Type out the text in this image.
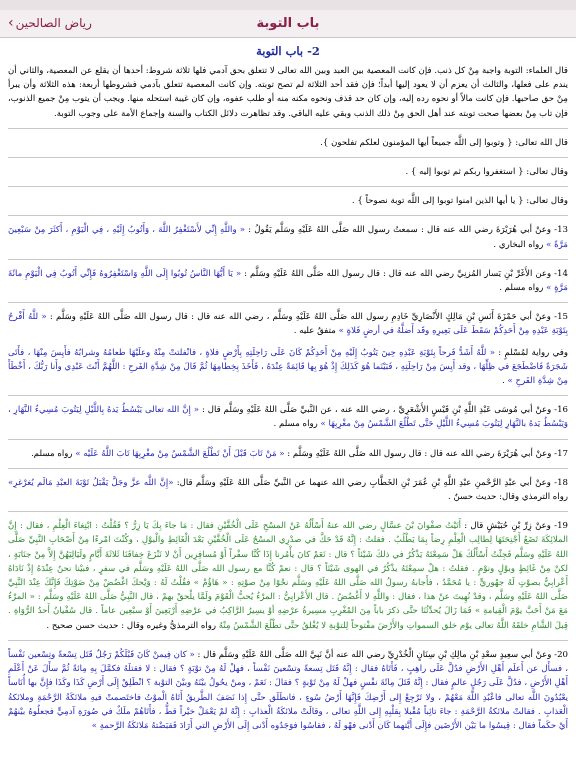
‹ رياض الصالحين	باب التوبة
2- باب التوبة
قال العلماء: التوبة واجبة مِنْ كل ذنب. فإن كانت المعصية بين العبد وبين الله تعالى لا تتعلق بحق آدمي فلها ثلاثة شروط: أحدها أن يقلع عن المعصية، والثاني أن يندم على فعلها، والثالث أن يعزم أن لا يعود إليها أبداً؛ فإن فقد أحد الثلاثة لم تصح توبته. وإن كانت المعصية تتعلق بآدمي فشروطها أربعة: هذه الثلاثة وأن يبرأ مِنْ حق صاحبها. فإن كانت مالاً أو نحوه رده إليه، وإن كان حد قذف ونحوه مكنه منه أو طلب عفوه، وإن كان غيبة استحله منها. ويجب أن يتوب مِنْ جميع الذنوب، فإن تاب مِنْ بعضها صحت توبته عند أهل الحق مِنْ ذلك الذنب وبقي عليه الباقي. وقد تظاهرت دلائل الكتاب والسنة وإجماع الأمة على وجوب التوبة.
قال الله تعالى: { وتوبوا إلى اللَّه جميعاً أيها المؤمنون لعلكم تفلحون }.
وقال تعالى: { استغفروا ربكم ثم توبوا إليه } .
وقال تعالى: { يا أيها الذين امنوا توبوا إلى اللَّه توبة نصوحاً } .
13- وعنْ أبي هُرَيْرَةَ رضي الله عنه قال : سمعتُ رسول الله صَلَّى اللهُ عَلَيْهِ وسَلَّم يَقُولُ : « واللَّهِ إِنِّي لأَسْتَغْفِرُ اللَّهَ ، وَأَتُوبُ إِلَيْهِ ، فِي الْيَوْمِ ، أَكثَرَ مِنْ سَبْعِينَ مَرَّةً » رواه البخاري .
14- وعن الأَغَرِّ بْنِ يَسار المُزنِيِّ رضي الله عنه قال : قال رسول الله صَلَّى اللهُ عَلَيْهِ وسَلَّم : « يَا أَيُّهَا النَّاسُ تُوبُوا إِلَى اللَّهِ وَاسْتَغْفِرُوهُ فَإِنِّي أَتُوبُ فِي الْيَوْمِ مائَةَ مَرَّةٍ » رواه مسلم .
15- وعنْ أبي حَمْزَةَ أَنَسِ بْنِ مَالِكٍ الأَنْصَارِيِّ خَادِمِ رسول الله صَلَّى اللهُ عَلَيْهِ وسَلَّم ، رضي الله عنه قال : قال رسول الله صَلَّى اللهُ عَلَيْهِ وسَلَّم : « للَّهُ أَفْرحُ بِتَوْبَةِ عَبْدِهِ مِنْ أَحَدِكُمْ سَقَطَ عَلَى بَعِيرِهِ وقَد أَضلَّهُ في أرضٍ فَلاةٍ » متفقٌ عليه .
وفي رواية لمُسْلمٍ : « للَّهُ أَشَدُّ فَرحاً بِتَوْبَةِ عَبْدِهِ حِينَ يَتُوبُ إِلَيْهِ مِنْ أَحَدِكُمْ كَانَ عَلَى رَاحِلَتِهِ بِأَرْضٍ فلاةٍ ، فانْفلتتْ مِنْهُ وعلَيْهَا طعامُهُ وشرابُهُ فأَيِسَ مِنْهَا ، فأَتَى شَجَرَةً فَاضْطَجَعَ في ظِلِّهَا ، وقد أَيِسَ مِنْ رَاحِلَتِهِ ، فَبَيْنَما هُوَ كَذَلِكَ إِذْ هُوَ بِها قَائِمَةً عِنْدَهُ ، فَأَخَذَ بِخِطامِهَا ثُمَّ قَالَ مِنْ شِدَّةِ الفَرحِ : اللَّهُمَّ أَنْتَ عَبْدِي وأَنا رَبُّكَ ، أَخْطَأَ مِنْ شِدَّةِ الفَرحِ » .
16- وعنْ أبي مُوسَى عَبْدِ اللَّهِ بْنِ قَيْسٍ الأَشْعَرِيِّ ، رضي الله عنه ، عن النَّبيِّ صَلَّى اللهُ عَلَيْهِ وسَلَّم قال : « إِنَّ الله تعالى يَبْسُطُ يَدهُ بِاللَّيْلِ لِيَتُوبَ مُسِيءُ النَّهَارِ ، وَيَبْسُطُ يَدهُ بالنَّهَارِ لِيَتُوبَ مُسِيءُ اللَّيْلِ حَتَّى تَطْلُعَ الشَّمْسُ مِنْ مغْرِبِهَا » رواه مسلم .
17- وعنْ أبي هُرَيْرَةَ رضي الله عنه قال : قال رسول الله صَلَّى اللهُ عَلَيْهِ وسَلَّم : « مَنْ تَابَ قَبْلَ أَنْ تَطْلُعَ الشَّمْسُ مِنْ مغْرِبِهَا تَابَ اللَّهُ عَلَيْه » رواه مسلم.
18- وعنْ أبي عبْدِ الرَّحْمنِ عبْدِ اللَّهِ بْنِ عُمَرَ بْنِ الخَطَّابِ رضي الله عنهما عن النَّبيِّ صَلَّى اللهُ عَلَيْهِ وسَلَّم قال: «إِنَّ اللَّه عزَّ وجَلَّ يَقْبَلُ تَوْبَةَ العبْدِ مَالَم يُغرْغرِ» رواه الترمذي وقال: حديث حسنٌ .
19- وعنْ زِرِّ بْنِ حُبَيْشٍ قال : أَتَيْتُ صفْوانَ بْنَ عسَّالٍ رضي الله عنهُ أَسْأَلُهُ عَنْ المسْحِ عَلَى الْخُفَّيْنِ فقال : مَا جاءَ بِكَ يَا زِرُّ ؟ فَقُلْتُ : ابْتِغاءَ الْعِلْمِ ، فقال : إِنَّ الملائِكَةَ تَضَعُ أَجْنِحَتَهَا لِطالِب الْعِلْمِ رِضاً بِمَا يَطْلُبُ . فقلتُ : إِنَّهُ قَدْ حَكَّ في صدْرِي المسْحُ عَلَى الْخُفَّيْنِ بَعْدَ الْغَائِطِ والْبوْلِ ، وكُنْتَ امْرءًا مِنْ أَصْحَابِ النَّبِيِّ صَلَّى اللهُ عَلَيْهِ وسَلَّم فَجِئْتُ أَسْأَلُكَ هَلْ سَمِعْتَهُ يَذْكُرُ في ذلكَ شَيْئاً ؟ قال : نَعَمْ كانَ يأْمُرنا إِذَا كُنَّا سفْراً أَوْ مُسافِرِين أَنْ لا نَنْزَعَ خِفافَنَا ثَلاثَةَ أَيَّامٍ ولَيَالِيَهُنَّ إِلاَّ مِنْ جنَابَةٍ ، لكنْ مِنْ غَائِطٍ وبوْلٍ ونوْمٍ . فقلتُ : هلْ سمِعْتَهُ يذْكُرُ في الهوى شَيْئاً ؟ قال : نعمْ كُنَّا مع رسول الله صَلَّى اللهُ عَلَيْهِ وسَلَّم في سفرٍ ، فبيْنا نحنُ عِنْدَهُ إِذْ نَادَاهُ أَعْرابِيٌّ بصوْتٍ لَهُ جهْوريٍّ : يا مُحَمَّدُ ، فأَجابهُ رسولُ الله صَلَّى اللهُ عَلَيْهِ وسَلَّم نحْوًا مِنْ صوْتِهِ : « هَاؤُمْ » فقُلْتُ لَهُ : وَيْحكَ اغْضُضْ مِنْ صَوْتِكَ فَإِنَّكَ عِنْدَ النَّبِيِّ صَلَّى اللهُ عَلَيْهِ وسَلَّم ، وقدْ نُهِيتَ عنْ هذا ، فقال : واللَّهِ لا أَغْضُضُ . قال الأَعْرابِيُّ : المرْءُ يُحبُّ الْقَوْمَ ولَمَّا يلْحقْ بهمْ ، قال النَّبِيُّ صَلَّى اللهُ عَلَيْهِ وسَلَّم : « المرْءُ مَعَ مَنْ أَحَبَّ يوْمَ الْقِيامةِ » فَمَا زَالَ يُحدِّثُنَا حتَّى ذكرَ باباً مِنَ المْغْرِبِ مسِيرةُ عرْضِهِ أوْ يسِيرُ الرَّاكِبُ في عرْضِهِ أَرْبَعِينَ أَوْ سبْعِين عاماً . قال سُفْيانُ أَحدُ الرُّوَاةِ . قِبلَ الشَّامِ خلقَهُ اللَّهُ تعالى يوْم خلق السمواتِ والأَرْضَ مفْتوحاً لِلتوْبةِ لا يُغْلقُ حتَّى تطْلُعَ الشَّمْسُ مِنْهُ رواه الترمذيُّ وغيره وقال : حديث حسن صحيح .
20- وعنْ أبي سعِيدٍ سعْدِ بْنِ مالِكِ بْنِ سِنَانٍ الْخُدْرِيِّ رضي الله عنه أنَّ نَبِيَّ الله صَلَّى اللهُ عَلَيْهِ وسَلَّم قال : « كان فِيمنْ كَانَ قَبْلَكُمْ رَجُلٌ قَتَل تِسْعةً وتِسْعين نَفْساً ، فسأَل عن أَعلَم أَهْلِ الأَرْضِ فدُلَّ عَلَى راهِبٍ ، فَأَتَاهُ فقال : إِنَّهُ قَتَل تِسعةً وتسْعينَ نَفْساً ، فهلْ لَهُ مِنْ توْبَةٍ ؟ فقال : لا فقتلَهُ فكمَّلَ بِهِ مِائةً ثُمَّ سأَلَ عَنْ أَعْلَمِ أَهْلِ الأَرْضِ ، فدُلَّ عَلَى رَجُلٍ عالمٍ فقال : إِنَّهُ قَتَلَ مِائَةَ نفْسٍ فهلْ لَهُ مِنْ تَوْبةٍ ؟ فقالَ : نَعَمْ ، ومنْ يحُولُ بيْنَهُ وبيْنَ التوْبة ؟ انْطَلِقْ إِلَى أَرْضِ كَذَا وكَذَا فإِنَّ بها أُنَاساً يعْبُدُونَ اللَّه تعالى فاعْبُدِ اللَّهَ مَعْهُمْ ، ولا تَرْجِعْ إِلى أَرْضِكَ فَإِنَّهَا أَرْضُ سُوءٍ ، فانطَلَق حتَّى إِذا نَصَفَ الطَّريقُ أَتَاهُ الْموْتُ فاختَصمتْ فيهِ ملائكَةُ الرَّحْمَةِ وملائكةُ الْعَذابِ . فقالتْ ملائكةُ الرَّحْمَةِ : جاءَ تائِباً مُقْبلا بِقلْبِهِ إِلى اللَّهِ تعالى ، وقالَتْ ملائكَةُ الْعذابِ : إِنَّهُ لمْ يَعْمَلْ خيْراً قطُّ ، فأَتَاهُمْ ملَكٌ في صُورَةِ آدمِيٍّ فجعلُوهُ بيْنهُمْ أَيْ حكَماً فقال : قِيسُوا ما بَيْن الأَرْضَين فإِلَى أَيَّتهما كَان أَدْنى فهْو لَهُ ، فقاسُوا فوَجَدُوه أَدْنى إِلَى الأَرْضِ التي أَرَادَ فَقبَضْتهُ مَلائكَةُ الرَّحمةِ »
